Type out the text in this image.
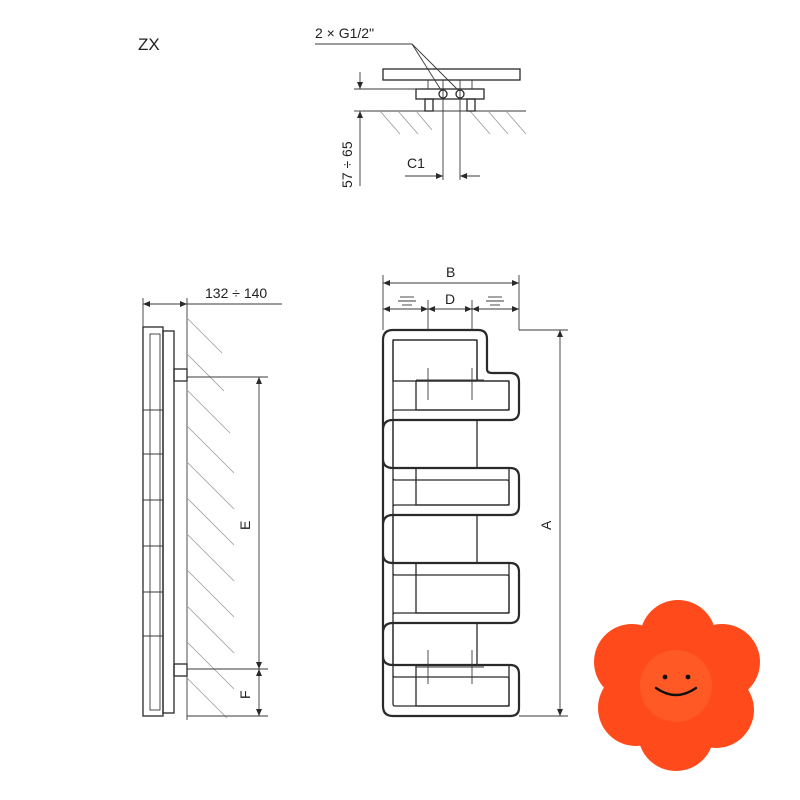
ZX
2 × G1/2"
57 ÷ 65	C1
132 ÷ 140
E
F
B
D
A
